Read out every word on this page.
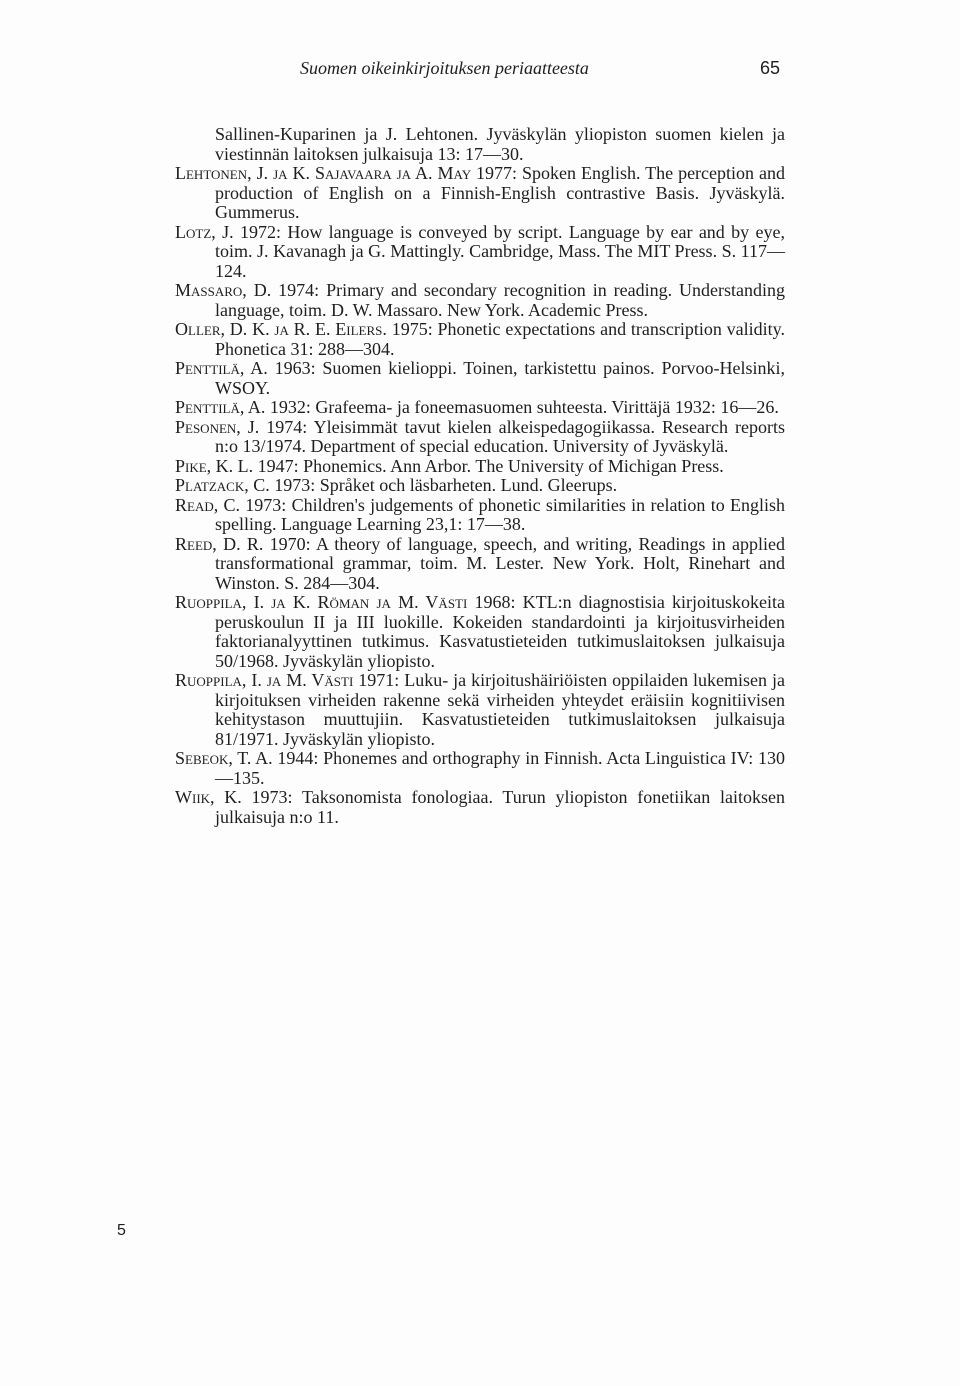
Suomen oikeinkirjoituksen periaatteesta	65

Sallinen-Kuparinen ja J. Lehtonen. Jyväskylän yliopiston suomen kielen ja viestinnän laitoksen julkaisuja 13: 17—30.

Lehtonen, J. ja K. Sajavaara ja A. May 1977: Spoken English. The perception and production of English on a Finnish-English contrastive Basis. Jyväskylä. Gummerus.

Lotz, J. 1972: How language is conveyed by script. Language by ear and by eye, toim. J. Kavanagh ja G. Mattingly. Cambridge, Mass. The MIT Press. S. 117—124.

Massaro, D. 1974: Primary and secondary recognition in reading. Understanding language, toim. D. W. Massaro. New York. Academic Press.

Oller, D. K. ja R. E. Eilers. 1975: Phonetic expectations and transcription validity. Phonetica 31: 288—304.

Penttilä, A. 1963: Suomen kielioppi. Toinen, tarkistettu painos. Porvoo-Helsinki, WSOY.

Penttilä, A. 1932: Grafeema- ja foneemasuomen suhteesta. Virittäjä 1932: 16—26.

Pesonen, J. 1974: Yleisimmät tavut kielen alkeispedagogiikassa. Research reports n:o 13/1974. Department of special education. University of Jyväskylä.

Pike, K. L. 1947: Phonemics. Ann Arbor. The University of Michigan Press.

Platzack, C. 1973: Språket och läsbarheten. Lund. Gleerups.

Read, C. 1973: Children's judgements of phonetic similarities in relation to English spelling. Language Learning 23,1: 17—38.

Reed, D. R. 1970: A theory of language, speech, and writing, Readings in applied transformational grammar, toim. M. Lester. New York. Holt, Rinehart and Winston. S. 284—304.

Ruoppila, I. ja K. Röman ja M. Västi 1968: KTL:n diagnostisia kirjoituskokeita peruskoulun II ja III luokille. Kokeiden standardointi ja kirjoitusvirheiden faktorianalyyttinen tutkimus. Kasvatustieteiden tutkimuslaitoksen julkaisuja 50/1968. Jyväskylän yliopisto.

Ruoppila, I. ja M. Västi 1971: Luku- ja kirjoitushäiriöisten oppilaiden lukemisen ja kirjoituksen virheiden rakenne sekä virheiden yhteydet eräisiin kognitiivisen kehitystason muuttujiin. Kasvatustieteiden tutkimuslaitoksen julkaisuja 81/1971. Jyväskylän yliopisto.

Sebeok, T. A. 1944: Phonemes and orthography in Finnish. Acta Linguistica IV: 130—135.

Wiik, K. 1973: Taksonomista fonologiaa. Turun yliopiston fonetiikan laitoksen julkaisuja n:o 11.

5
